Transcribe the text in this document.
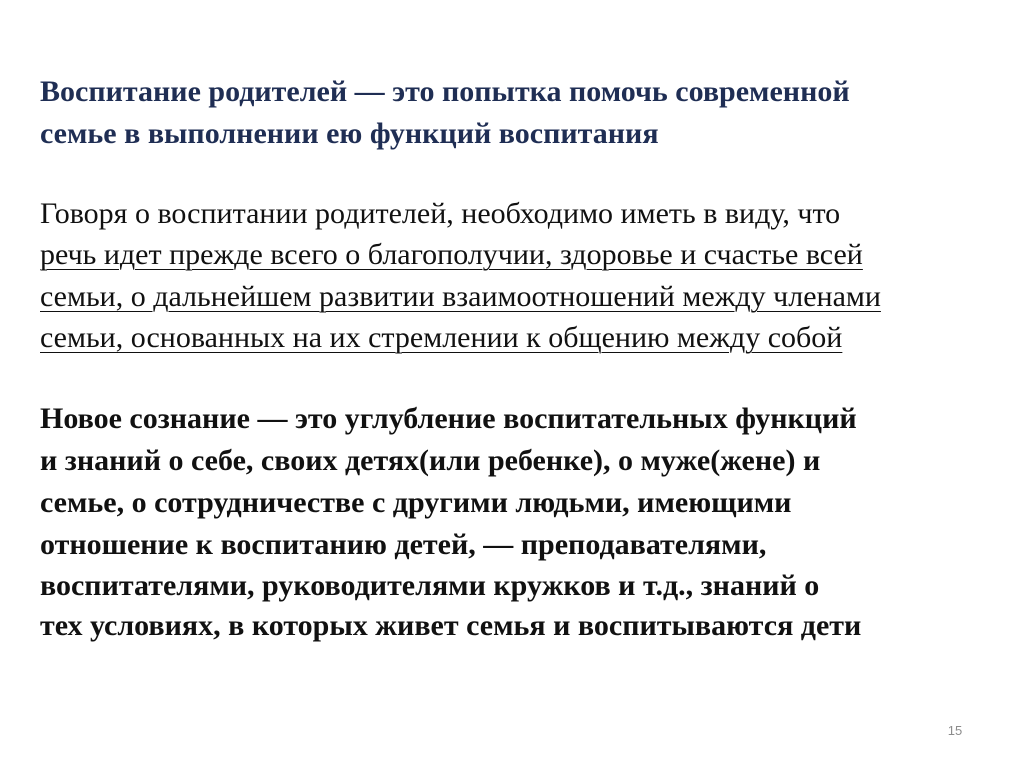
Воспитание родителей — это попытка помочь современной
семье в выполнении ею функций воспитания
Говоря о воспитании родителей, необходимо иметь в виду, что
речь идет прежде всего о благополучии, здоровье и счастье всей
семьи, о дальнейшем развитии взаимоотношений между членами
семьи, основанных на их стремлении к общению между собой
Новое сознание — это углубление воспитательных функций
и знаний о себе, своих детях(или ребенке), о муже(жене) и
семье, о сотрудничестве с другими людьми, имеющими
отношение к воспитанию детей, — преподавателями,
воспитателями, руководителями кружков и т.д., знаний о
тех условиях, в которых живет семья и воспитываются дети
15
